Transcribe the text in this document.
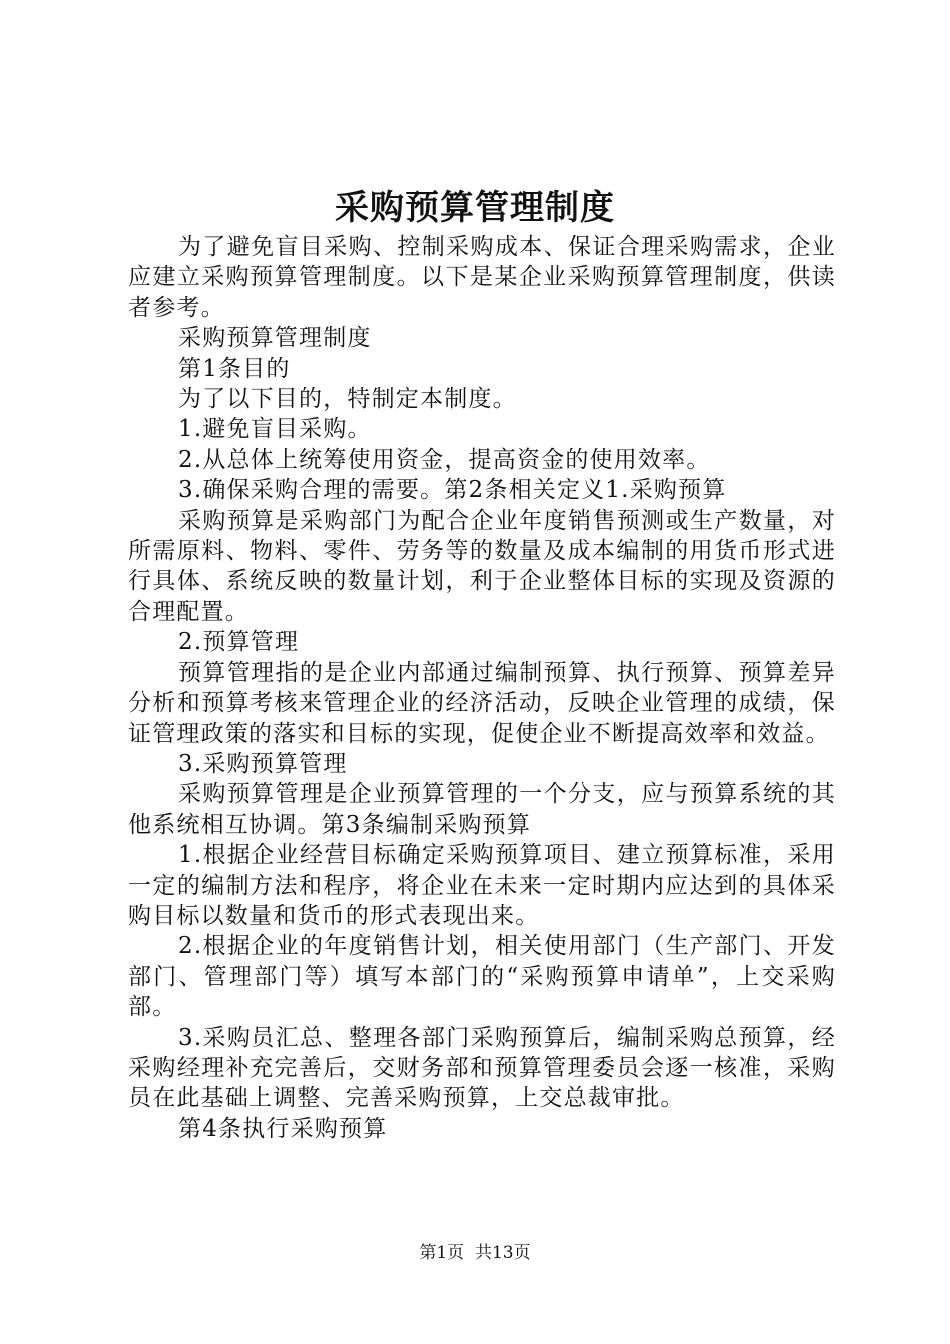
采购预算管理制度

为了避免盲目采购、控制采购成本、保证合理采购需求，企业应建立采购预算管理制度。以下是某企业采购预算管理制度，供读者参考。

采购预算管理制度

第1条目的

为了以下目的，特制定本制度。

1.避免盲目采购。

2.从总体上统筹使用资金，提高资金的使用效率。

3.确保采购合理的需要。第2条相关定义1.采购预算

采购预算是采购部门为配合企业年度销售预测或生产数量，对所需原料、物料、零件、劳务等的数量及成本编制的用货币形式进行具体、系统反映的数量计划，利于企业整体目标的实现及资源的合理配置。

2.预算管理

预算管理指的是企业内部通过编制预算、执行预算、预算差异分析和预算考核来管理企业的经济活动，反映企业管理的成绩，保证管理政策的落实和目标的实现，促使企业不断提高效率和效益。

3.采购预算管理

采购预算管理是企业预算管理的一个分支，应与预算系统的其他系统相互协调。第3条编制采购预算

1.根据企业经营目标确定采购预算项目、建立预算标准，采用一定的编制方法和程序，将企业在未来一定时期内应达到的具体采购目标以数量和货币的形式表现出来。

2.根据企业的年度销售计划，相关使用部门（生产部门、开发部门、管理部门等）填写本部门的“采购预算申请单”，上交采购部。

3.采购员汇总、整理各部门采购预算后，编制采购总预算，经采购经理补充完善后，交财务部和预算管理委员会逐一核准，采购员在此基础上调整、完善采购预算，上交总裁审批。

第4条执行采购预算

第1页  共13页
